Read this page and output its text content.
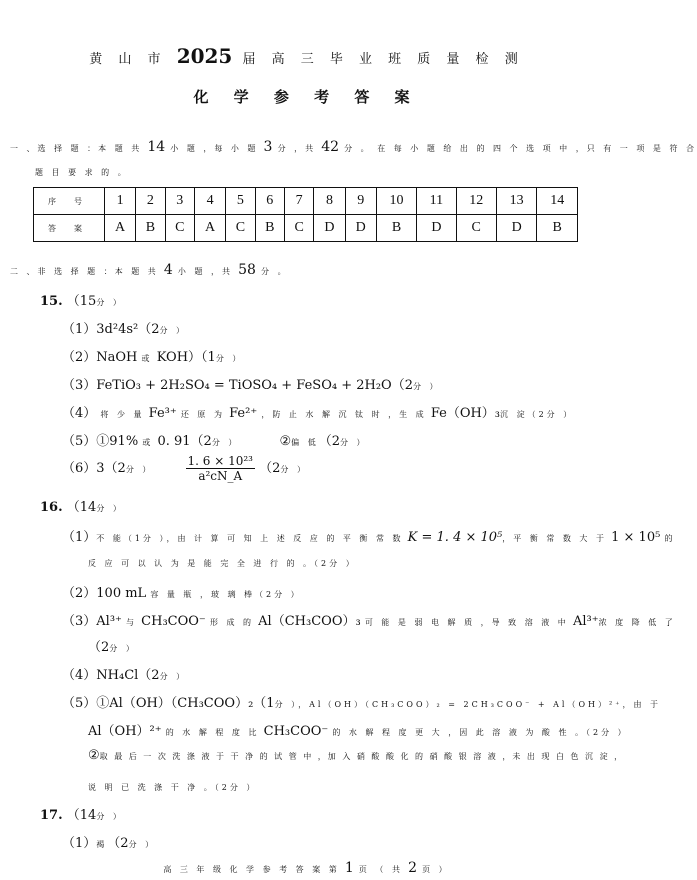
黄 山 市 2025 届 高 三 毕 业 班 质 量 检 测
化 学 参 考 答 案
一 、选 择 题 ：本 题 共 14 小 题 ，每 小 题 3 分 ，共 42 分 。 在 每 小 题 给 出 的 四 个 选 项 中 ，只 有 一 项 是 符 合
题 目 要 求 的 。
序 号	1	2	3	4	5	6	7	8	9	10	11	12	13	14
答 案	A	B	C	A	C	B	C	D	D	B	D	C	D	B
二 、非 选 择 题 ：本 题 共 4 小 题 ，共 58 分 。
15. （15分 ）
（1）3d²4s²（2分 ）
（2）NaOH 或 KOH）（1分 ）
（3）FeTiO₃ + 2H₂SO₄ = TiOSO₄ + FeSO₄ + 2H₂O（2分 ）
（4） 将 少 量 Fe³⁺ 还 原 为 Fe²⁺ ，防 止 水 解 沉 钛 时 ，生 成 Fe（OH）₃沉 淀（2分 ）
（5）①91% 或 0. 91（2分 ）	②偏 低（2分 ）
（6）3（2分 ）	$\frac{\text{1. 6 × 10²³}}{\text{a²cN\_A}} (2$分 ）
16. （14分 ）
（1）不 能（1分 ），由 计 算 可 知 上 述 反 应 的 平 衡 常 数 K = 1. 4 × 10⁵，平 衡 常 数 大 于 1 × 10⁵ 的
反 应 可 以 认 为 是 能 完 全 进 行 的 。（2分 ）
（2）100 mL 容 量 瓶 ，玻 璃 棒（2分 ）
（3）Al³⁺ 与 CH₃COO⁻ 形 成 的 Al（CH₃COO）₃ 可 能 是 弱 电 解 质 ，导 致 溶 液 中 Al³⁺浓 度 降 低 了
（2分 ）
（4）NH₄Cl（2分 ）
（5）①Al（OH）（CH₃COO）₂（1分 ），Al（OH）（CH₃COO）₂ = 2CH₃COO⁻ + Al（OH）²⁺，由 于
Al（OH）²⁺ 的 水 解 程 度 比 CH₃COO⁻ 的 水 解 程 度 更 大 ，因 此 溶 液 为 酸 性 。（2分 ）
②取 最 后 一 次 洗 涤 液 于 干 净 的 试 管 中 ，加 入 硝 酸 酸 化 的 硝 酸 银 溶 液 ，未 出 现 白 色 沉 淀 ，
说 明 已 洗 涤 干 净 。（2分 ）
17. （14分 ）
（1）褐（2分 ）
高 三 年 级 化 学 参 考 答 案 第 1 页 （ 共 2 页 ）
